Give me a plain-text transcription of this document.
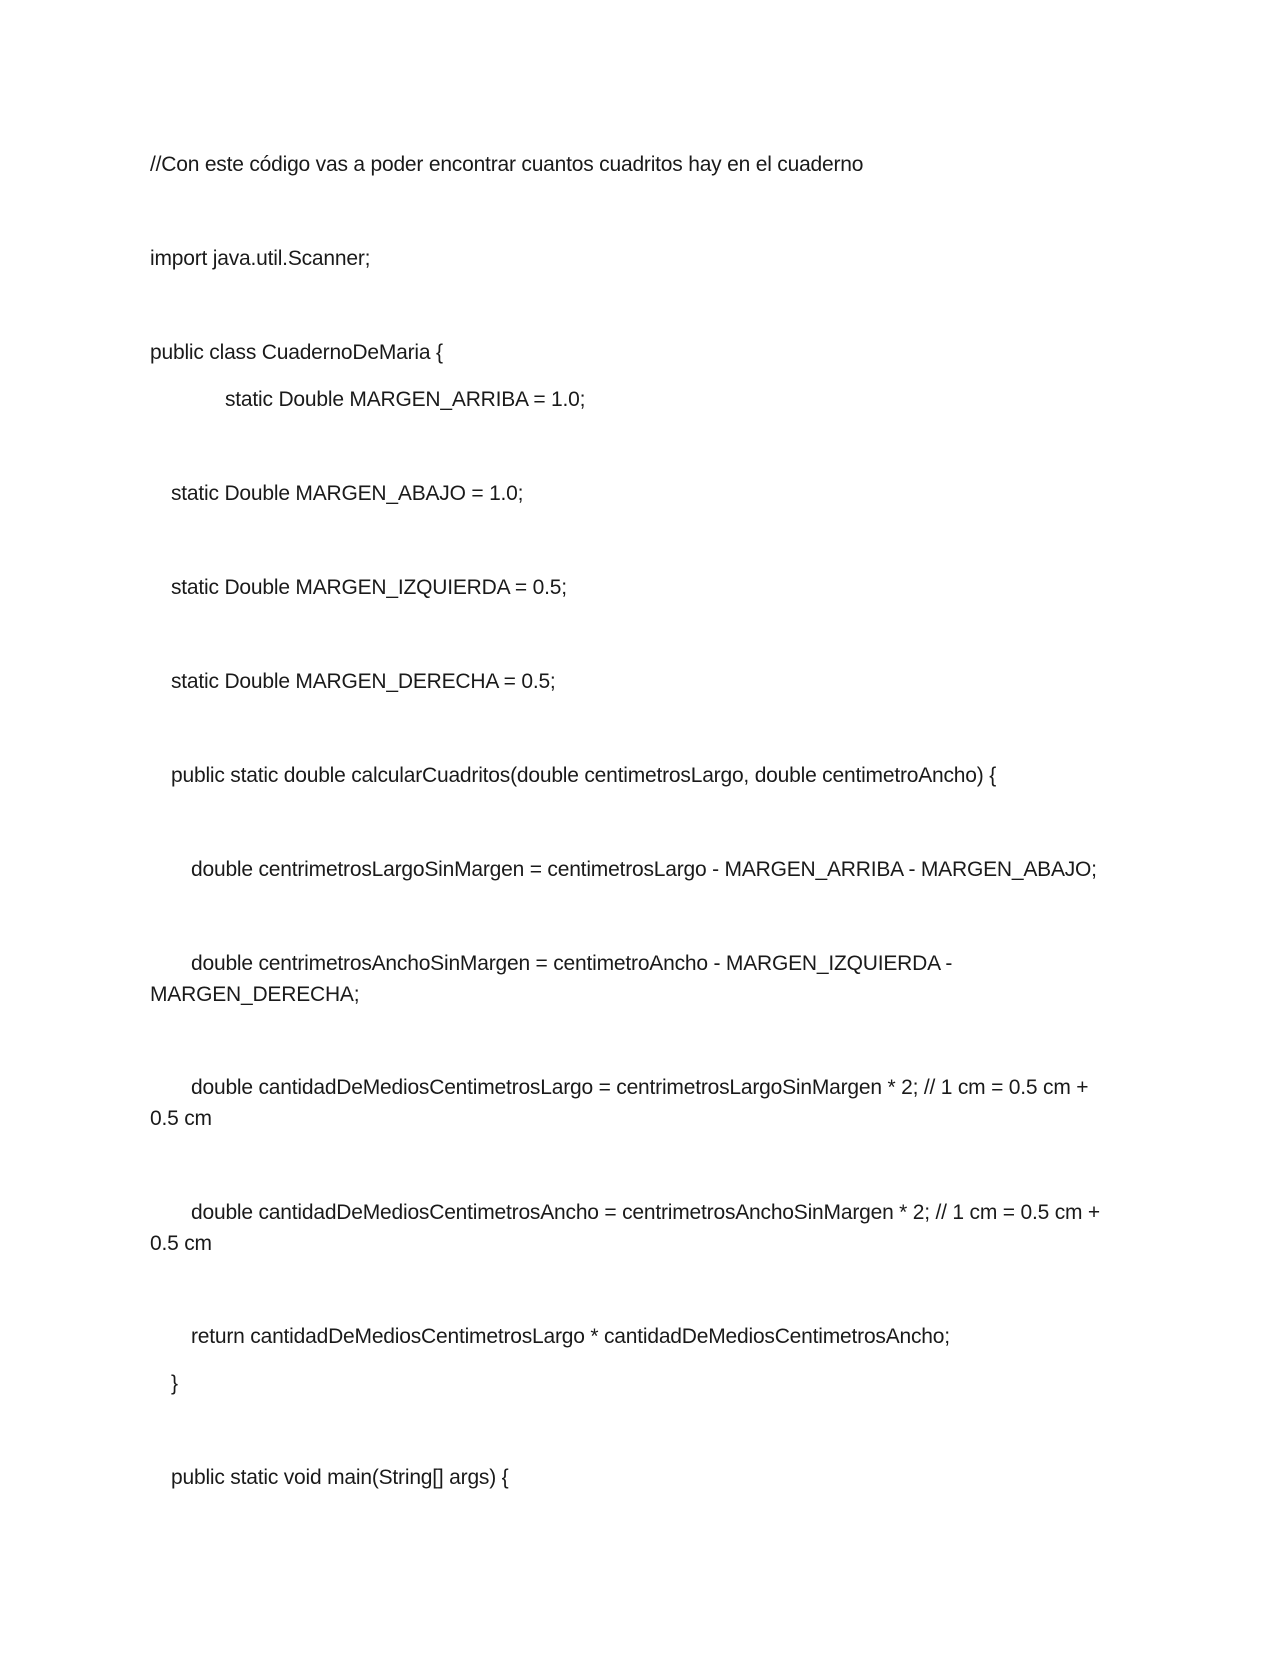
//Con este código vas a poder encontrar cuantos cuadritos hay en el cuaderno
import java.util.Scanner;
public class CuadernoDeMaria {
static Double MARGEN_ARRIBA = 1.0;
static Double MARGEN_ABAJO = 1.0;
static Double MARGEN_IZQUIERDA = 0.5;
static Double MARGEN_DERECHA = 0.5;
public static double calcularCuadritos(double centimetrosLargo, double centimetroAncho) {
double centrimetrosLargoSinMargen = centimetrosLargo - MARGEN_ARRIBA - MARGEN_ABAJO;
double centrimetrosAnchoSinMargen = centimetroAncho - MARGEN_IZQUIERDA - MARGEN_DERECHA;
double cantidadDeMediosCentimetrosLargo = centrimetrosLargoSinMargen * 2; // 1 cm = 0.5 cm + 0.5 cm
double cantidadDeMediosCentimetrosAncho = centrimetrosAnchoSinMargen * 2; // 1 cm = 0.5 cm + 0.5 cm
return cantidadDeMediosCentimetrosLargo * cantidadDeMediosCentimetrosAncho;
}
public static void main(String[] args) {
